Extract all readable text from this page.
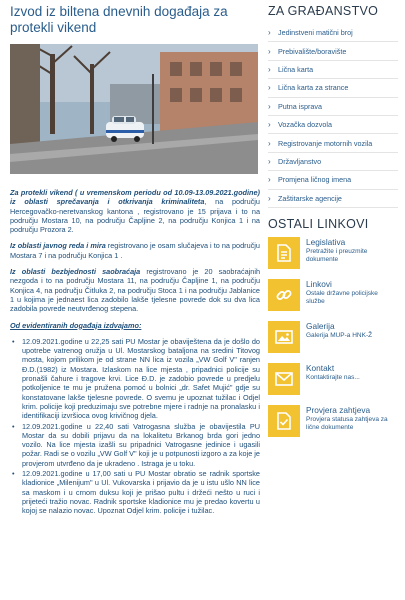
Izvod iz biltena dnevnih događaja za protekli vikend

Za protekli vikend ( u vremenskom periodu od 10.09-13.09.2021.godine) iz oblasti sprečavanja i otkrivanja kriminaliteta, na području Hercegovačko-neretvanskog kantona , registrovano je 15 prijava i to na području Mostara 10, na području Čapljine 2, na području Konjica 1 i na području Prozora 2.

Iz oblasti javnog reda i mira registrovano je osam slučajeva i to na području Mostara 7 i na području Konjica 1 .

Iz oblasti bezbjednosti saobraćaja registrovano je 20 saobraćajnih nezgoda i to na području Mostara 11, na području Čapljine 1, na području Konjica 4, na području Čitluka 2, na području Stoca 1 i na području Jablanice 1 u kojima je jednaest lica zadobilo lakše tjelesne povrede dok su dva lica zadobila povrede neutvrđenog stepena.

Od evidentiranih događaja izdvajamo:

• 12.09.2021.godine u 22,25 sati PU Mostar je obaviještena da je došlo do upotrebe vatrenog oružja u Ul. Mostarskog bataljona na sredini Titovog mosta, kojom prilikom je od strane NN lica iz vozila „VW Golf V" ranjen Đ.D.(1982) iz Mostara. Izlaskom na lice mjesta , pripadnici policije su pronašli čahure i tragove krvi. Lice Đ.D. je zadobio povrede u predjelu potkoljenice te mu je pružena pomoć u bolnici „dr. Safet Mujić" gdje su konstatovane lakše tjelesne povrede. O svemu je upoznat tužilac i Odjel krim. policije koji preduzimaju sve potrebne mjere i radnje na pronalasku i identifikaciji izvršioca ovog krivičnog djela.
• 12.09.2021.godine u 22,40 sati Vatrogasna služba je obavijestila PU Mostar da su dobili prijavu da na lokalitetu Brkanog brda gori jedno vozilo. Na lice mjesta izašli su pripadnici Vatrogasne jedinice i ugasili požar. Radi se o vozilu „VW Golf V" koji je u potpunosti izgoro a za koje je provjerom utvrđeno da je ukradeno . Istraga je u toku.
• 12.09.2021.godine u 17,00 sati u PU Mostar obratio se radnik sportske kladionice „Milenijum" u Ul. Vukovarska i prijavio da je u istu ušlo NN lice sa maskom i u crnom duksu koji je prišao pultu i držeći nešto u ruci i prijeteći tražio novac. Radnik sportske kladionice mu je predao kovertu u kojoj se nalazio novac. Upoznat Odjel krim. policije i tužilac.
ZA GRAĐANSTVO
›	Jedinstveni matični broj
›	Prebivalište/boravište
›	Lična karta
›	Lična karta za strance
›	Putna isprava
›	Vozačka dozvola
›	Registrovanje motornih vozila
›	Državljanstvo
›	Promjena ličnog imena
›	Zaštitarske agencije
OSTALI LINKOVI
Legislativa
Pretražite i preuzmite dokumente
Linkovi
Ostale državne policijske službe
Galerija
Galerija MUP-a HNK-Ž
Kontakt
Kontaktirajte nas...
Provjera zahtjeva
Provjera statusa zahtjeva za lične dokumente
